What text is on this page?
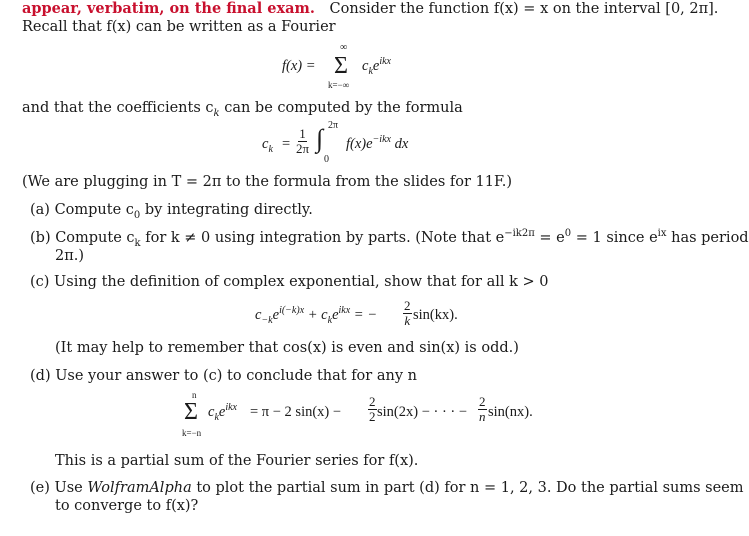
appear, verbatim, on the final exam. Consider the function f(x) = x on the interval [0, 2π].
Recall that f(x) can be written as a Fourier
f(x) =
∞
Σ
k=−∞
$c_ke^{ikx}$
and that the coefficients $c_k$ can be computed by the formula
$c_k = \frac{1}{2\pi}$
2π
∫
0
$f(x)e^{-ikx}$ dx
(We are plugging in T = 2π to the formula from the slides for 11F.)
(a) Compute $c_0$ by integrating directly.
(b) Compute $c_k$ for k ≠ 0 using integration by parts. (Note that $e^{-ik2\pi} = e^0 = 1$ since $e^{ix}$ has period
2π.)
(c) Using the definition of complex exponential, show that for all k > 0
$c_{-k}e^{i(-k)x} + c_ke^{ikx}$ = − $\frac{2}{k} \sin(kx)$.
(It may help to remember that cos(x) is even and sin(x) is odd.)
(d) Use your answer to (c) to conclude that for any n
n
Σ
k=−n
$c_ke^{ikx} = \pi - 2$ $\sin(x) - \frac{2}{2} \sin(2x)$ − · · · − $\frac{2}{n} \sin(nx)$.
This is a partial sum of the Fourier series for f(x).
(e) Use WolframAlpha to plot the partial sum in part (d) for n = 1, 2, 3. Do the partial sums seem
to converge to f(x)?
